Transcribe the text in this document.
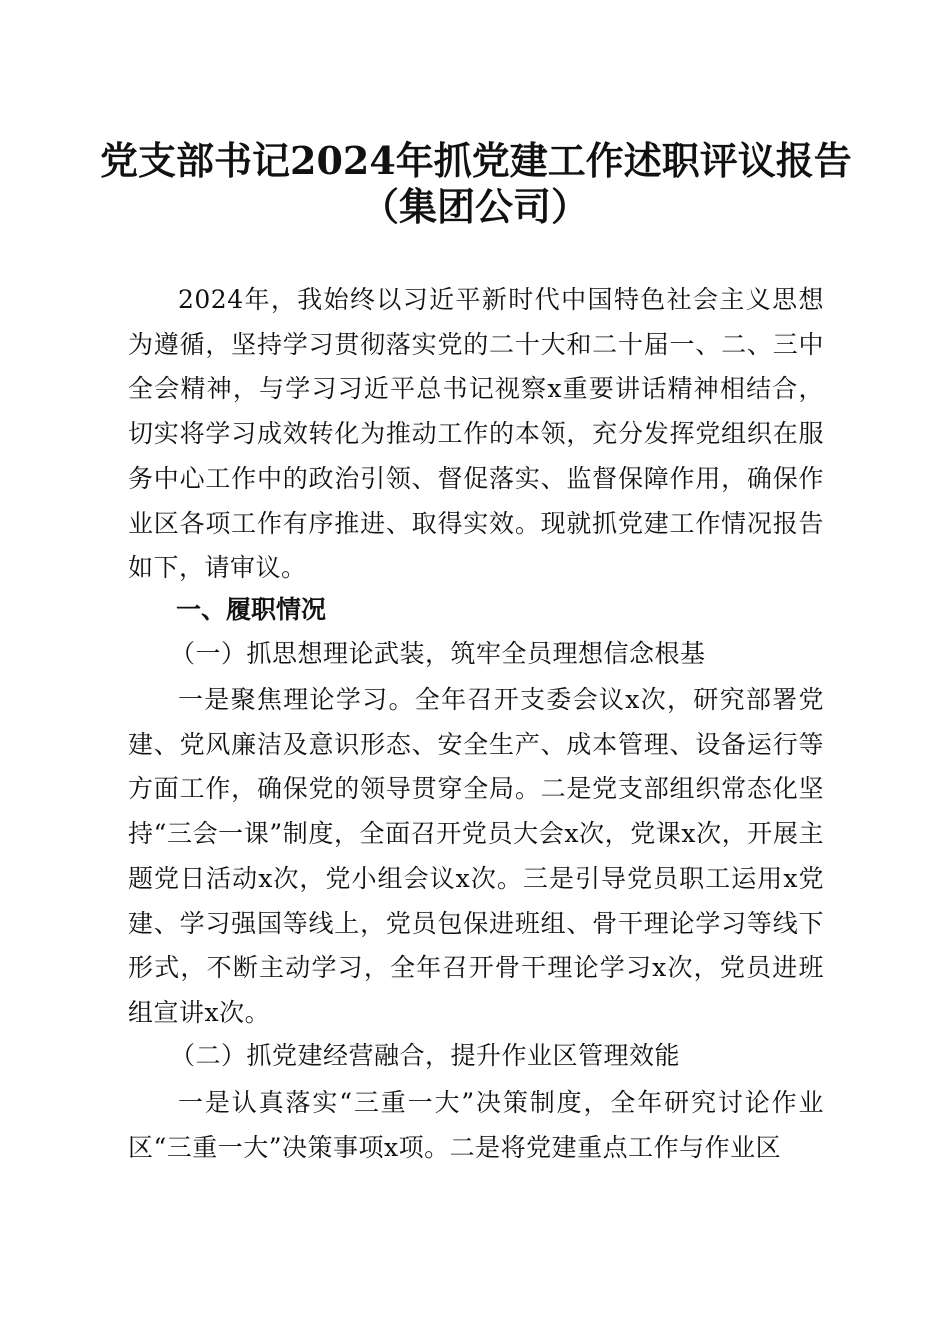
党支部书记2024年抓党建工作述职评议报告
（集团公司）

2024年，我始终以习近平新时代中国特色社会主义思想为遵循，坚持学习贯彻落实党的二十大和二十届一、二、三中全会精神，与学习习近平总书记视察x重要讲话精神相结合，切实将学习成效转化为推动工作的本领，充分发挥党组织在服务中心工作中的政治引领、督促落实、监督保障作用，确保作业区各项工作有序推进、取得实效。现就抓党建工作情况报告如下，请审议。

一、履职情况

（一）抓思想理论武装，筑牢全员理想信念根基

一是聚焦理论学习。全年召开支委会议x次，研究部署党建、党风廉洁及意识形态、安全生产、成本管理、设备运行等方面工作，确保党的领导贯穿全局。二是党支部组织常态化坚持“三会一课”制度，全面召开党员大会x次，党课x次，开展主题党日活动x次，党小组会议x次。三是引导党员职工运用x党建、学习强国等线上，党员包保进班组、骨干理论学习等线下形式，不断主动学习，全年召开骨干理论学习x次，党员进班组宣讲x次。

（二）抓党建经营融合，提升作业区管理效能

一是认真落实“三重一大”决策制度，全年研究讨论作业区“三重一大”决策事项x项。二是将党建重点工作与作业区
